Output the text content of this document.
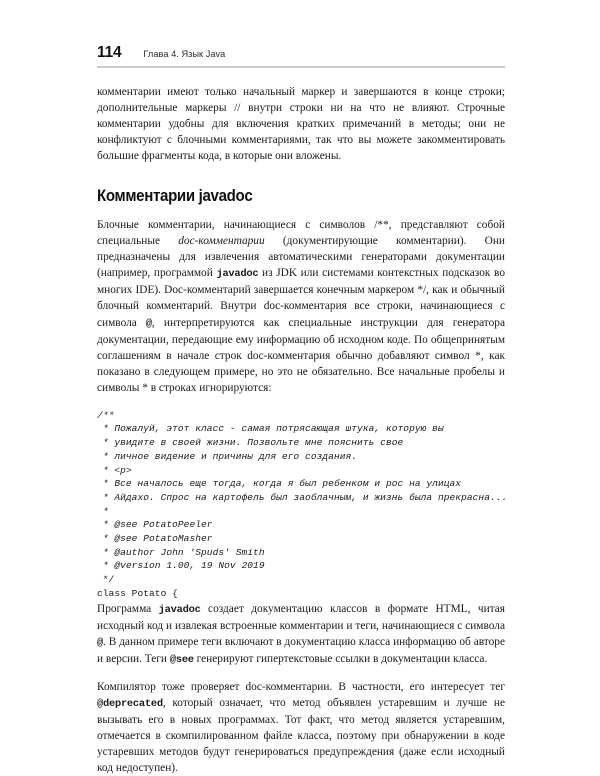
114 Глава 4. Язык Java

комментарии имеют только начальный маркер и завершаются в конце строки; дополнительные маркеры // внутри строки ни на что не влияют. Строчные комментарии удобны для включения кратких примечаний в методы; они не конфликтуют с блочными комментариями, так что вы можете закомментировать большие фрагменты кода, в которые они вложены.

Комментарии javadoc

Блочные комментарии, начинающиеся с символов /**, представляют собой специальные doc-комментарии (документирующие комментарии). Они предназначены для извлечения автоматическими генераторами документации (например, программой javadoc из JDK или системами контекстных подсказок во многих IDE). Doc-комментарий завершается конечным маркером */, как и обычный блочный комментарий. Внутри doc-комментария все строки, начинающиеся с символа @, интерпретируются как специальные инструкции для генератора документации, передающие ему информацию об исходном коде. По общепринятым соглашениям в начале строк doc-комментария обычно добавляют символ *, как показано в следующем примере, но это не обязательно. Все начальные пробелы и символы * в строках игнорируются:

/**
* Пожалуй, этот класс - самая потрясающая штука, которую вы
* увидите в своей жизни. Позвольте мне пояснить свое
* личное видение и причины для его создания.
* <p>
* Все началось еще тогда, когда я был ребенком и рос на улицах
* Айдахо. Спрос на картофель был заоблачным, и жизнь была прекрасна...
*
* @see PotatoPeeler
* @see PotatoMasher
* @author John 'Spuds' Smith
* @version 1.00, 19 Nov 2019
*/
class Potato {

Программа javadoc создает документацию классов в формате HTML, читая исходный код и извлекая встроенные комментарии и теги, начинающиеся с символа @. В данном примере теги включают в документацию класса информацию об авторе и версии. Теги @see генерируют гипертекстовые ссылки в документации класса.

Компилятор тоже проверяет doc-комментарии. В частности, его интересует тег @deprecated, который означает, что метод объявлен устаревшим и лучше не вызывать его в новых программах. Тот факт, что метод является устаревшим, отмечается в скомпилированном файле класса, поэтому при обнаружении в коде устаревших методов будут генерироваться предупреждения (даже если исходный код недоступен).
